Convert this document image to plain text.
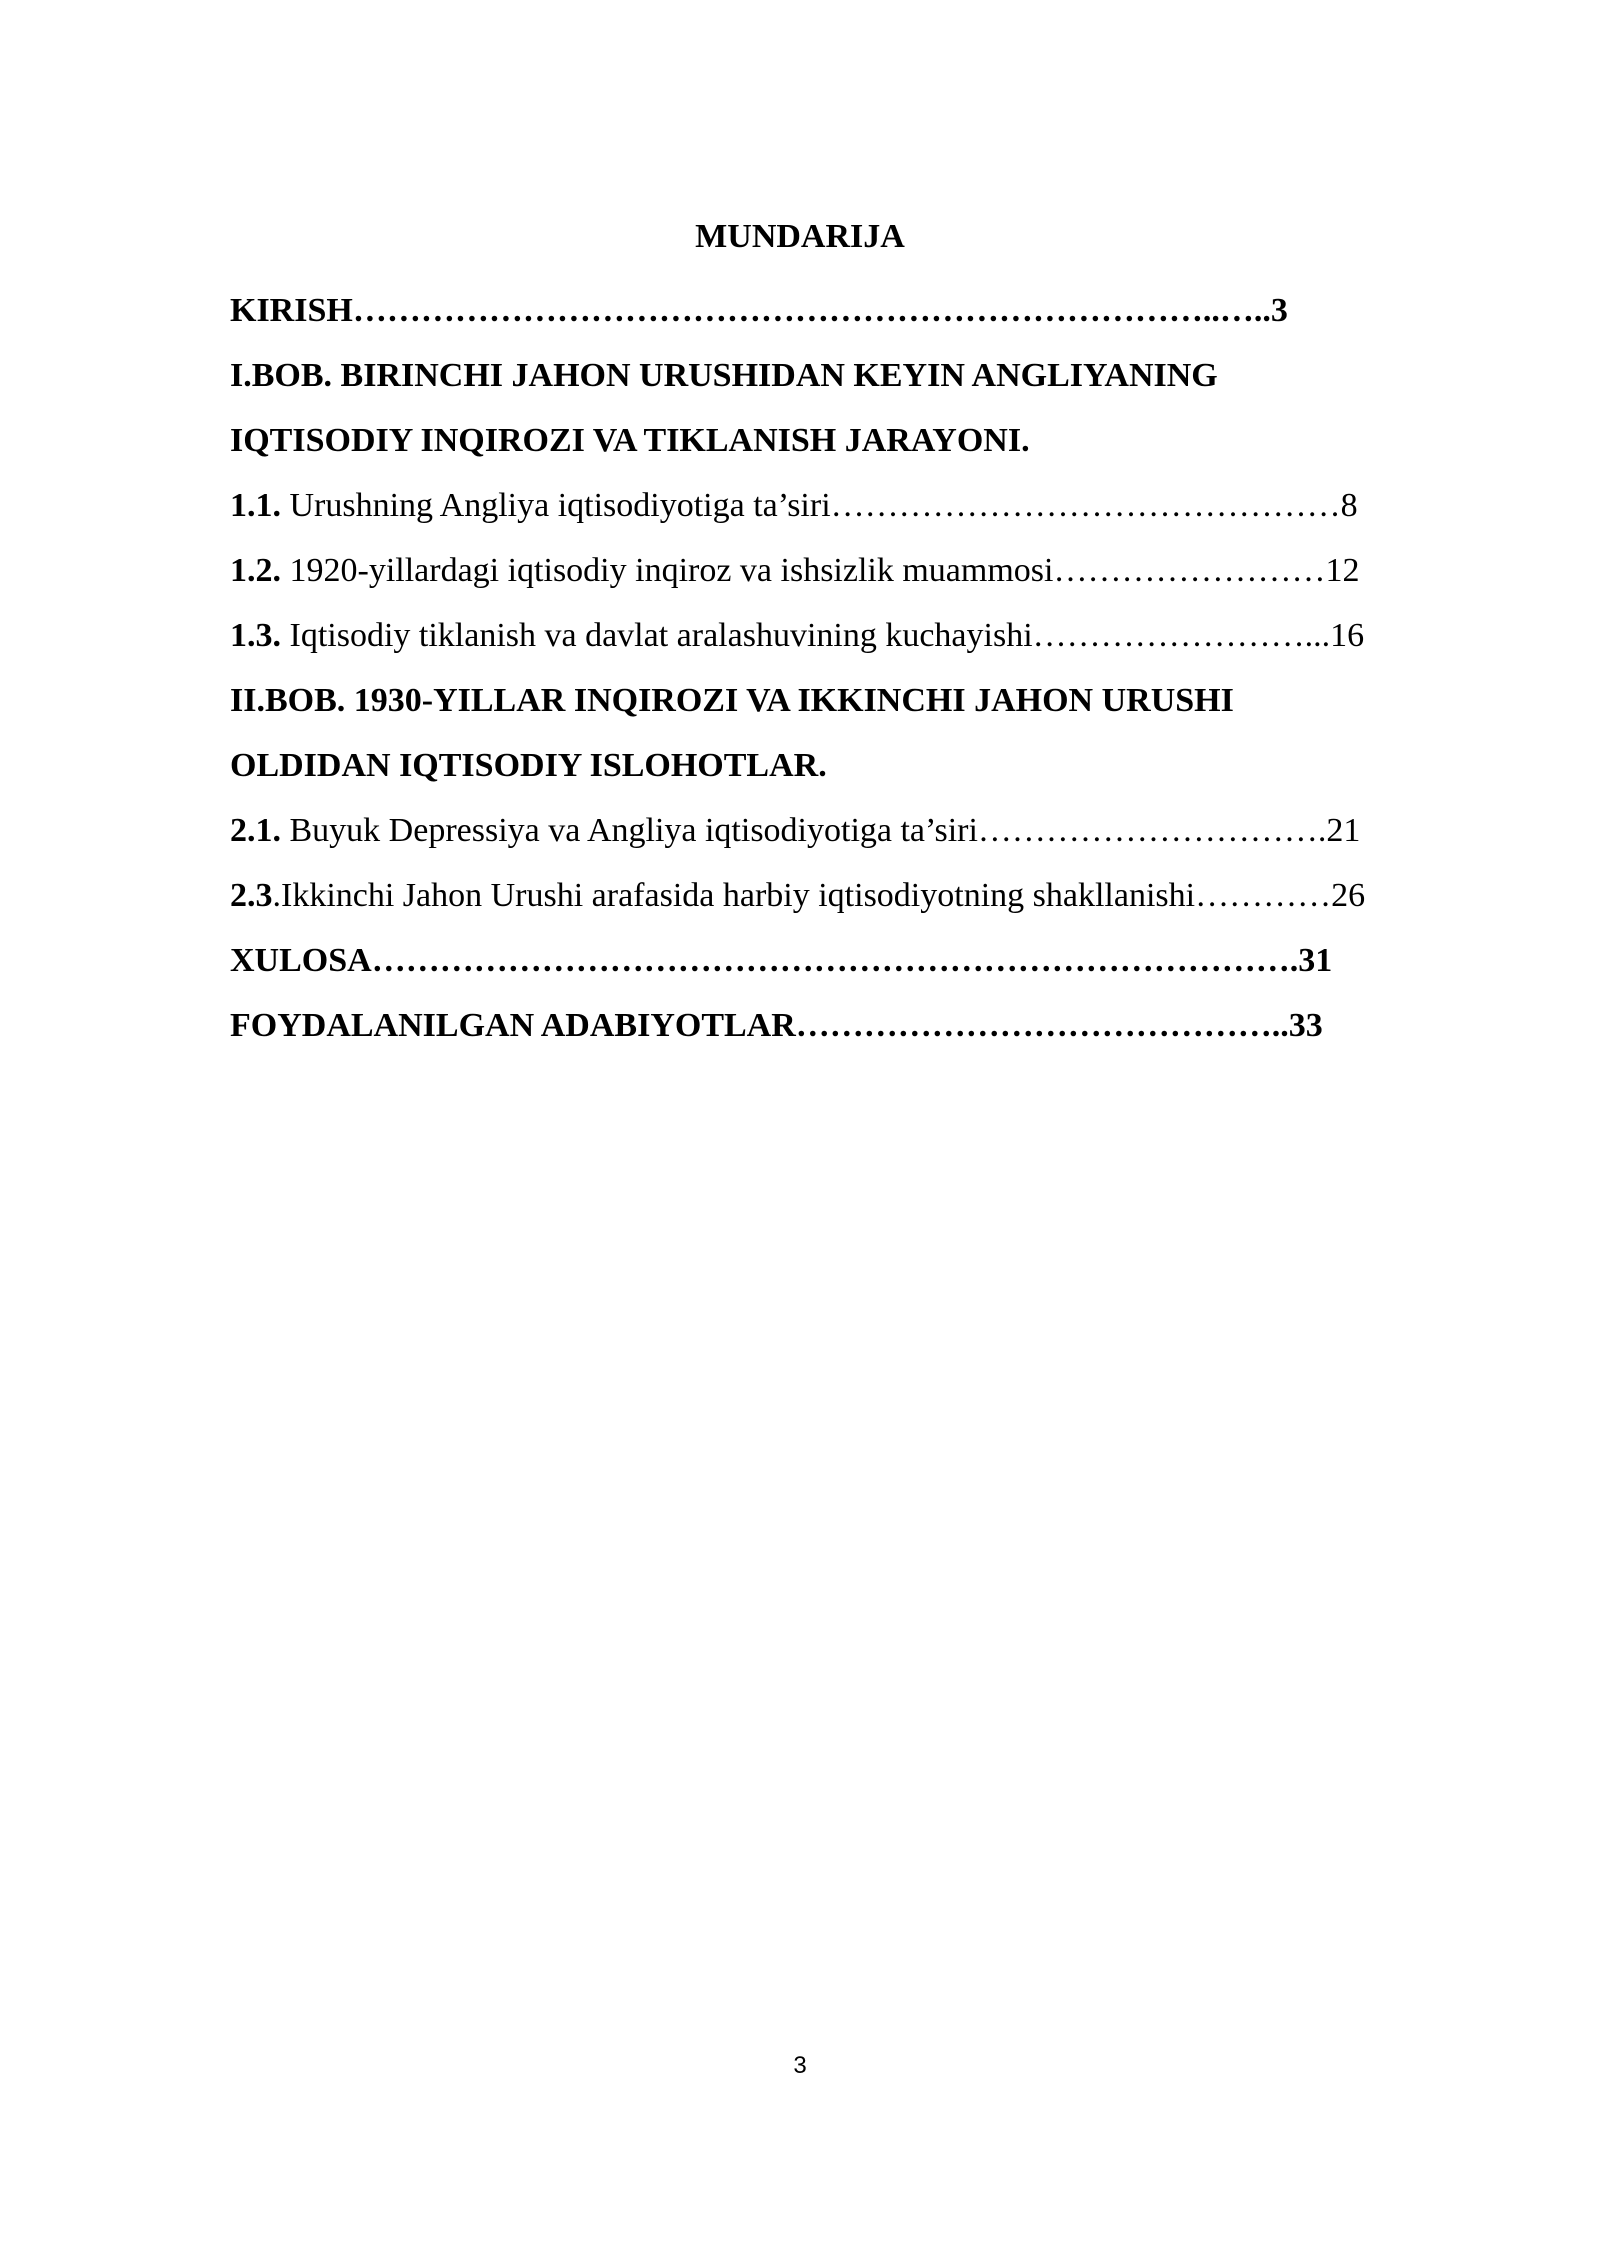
MUNDARIJA
KIRISH…………………………………………………………………..…..3
I.BOB. BIRINCHI JAHON URUSHIDAN KEYIN ANGLIYANING
IQTISODIY INQIROZI VA TIKLANISH JARAYONI.
1.1. Urushning Angliya iqtisodiyotiga ta’siri………………………………………8
1.2. 1920-yillardagi iqtisodiy inqiroz va ishsizlik muammosi……………………12
1.3. Iqtisodiy tiklanish va davlat aralashuvining kuchayishi……………………...16
II.BOB. 1930-YILLAR INQIROZI VA IKKINCHI JAHON URUSHI
OLDIDAN IQTISODIY ISLOHOTLAR.
2.1. Buyuk Depressiya va Angliya iqtisodiyotiga ta’siri………………………….21
2.3.Ikkinchi Jahon Urushi arafasida harbiy iqtisodiyotning shakllanishi…………26
XULOSA……………………………………………………………………….31
FOYDALANILGAN ADABIYOTLAR……………………………………..33
3
